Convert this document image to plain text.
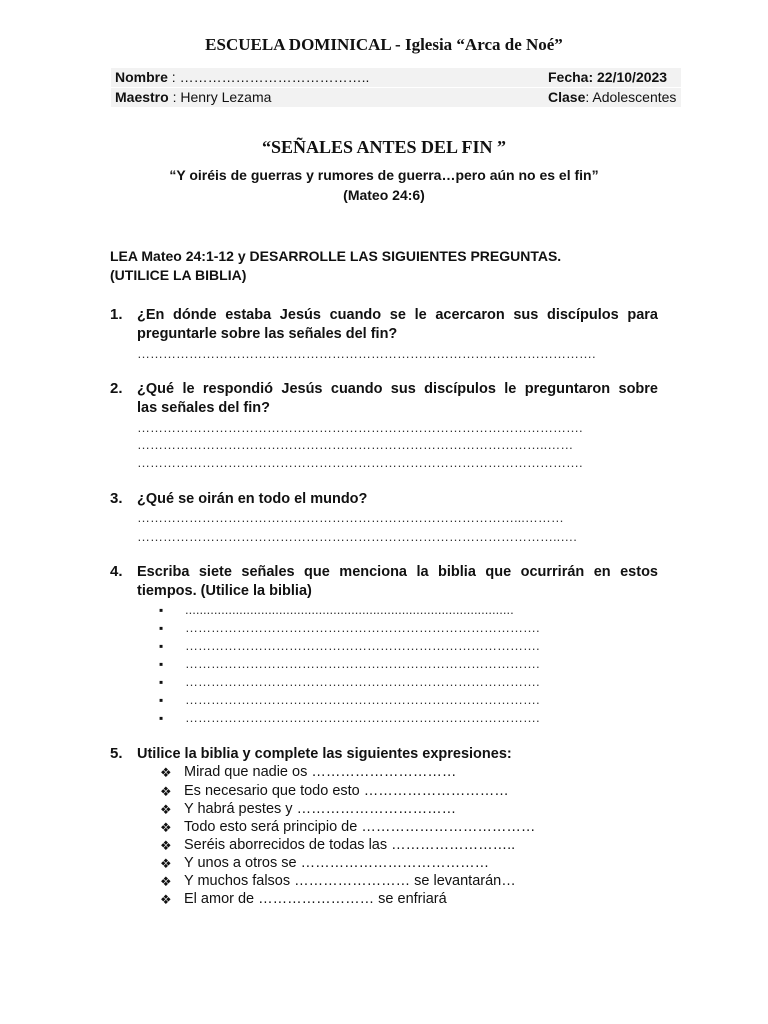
ESCUELA DOMINICAL - Iglesia “Arca de Noé”
Nombre : …………………………………..	Fecha: 22/10/2023
Maestro : Henry Lezama	Clase: Adolescentes
“SEÑALES ANTES DEL FIN ”
“Y oiréis de guerras y rumores de guerra…pero aún no es el fin”
(Mateo 24:6)
LEA Mateo 24:1-12 y DESARROLLE LAS SIGUIENTES PREGUNTAS.
(UTILICE LA BIBLIA)
1. ¿En dónde estaba Jesús cuando se le acercaron sus discípulos para
preguntarle sobre las señales del fin?
…………………………………………………………………………………………….
2. ¿Qué le respondió Jesús cuando sus discípulos le preguntaron sobre
las señales del fin?
………………………………………………………………………………………….
…………………………………………………………………………………..……
………………………………………………………………………………………….
3. ¿Qué se oirán en todo el mundo?
……………………………………………………………………………...………
……………………………………………………………………………………..….
4. Escriba siete señales que menciona la biblia que ocurrirán en estos
tiempos. (Utilice la biblia)
▪ ...........................................................................................
▪ ……………………………………………………………………….
▪ ……………………………………………………………………….
▪ ……………………………………………………………………….
▪ ……………………………………………………………………….
▪ ……………………………………………………………………….
▪ ……………………………………………………………………….
5. Utilice la biblia y complete las siguientes expresiones:
❖ Mirad que nadie os …………………………
❖ Es necesario que todo esto …………………………
❖ Y habrá pestes y ……………………………
❖ Todo esto será principio de ………………………………
❖ Seréis aborrecidos de todas las ……………………..
❖ Y unos a otros se …………………………………
❖ Y muchos falsos …………………… se levantarán…
❖ El amor de …………………… se enfriará
